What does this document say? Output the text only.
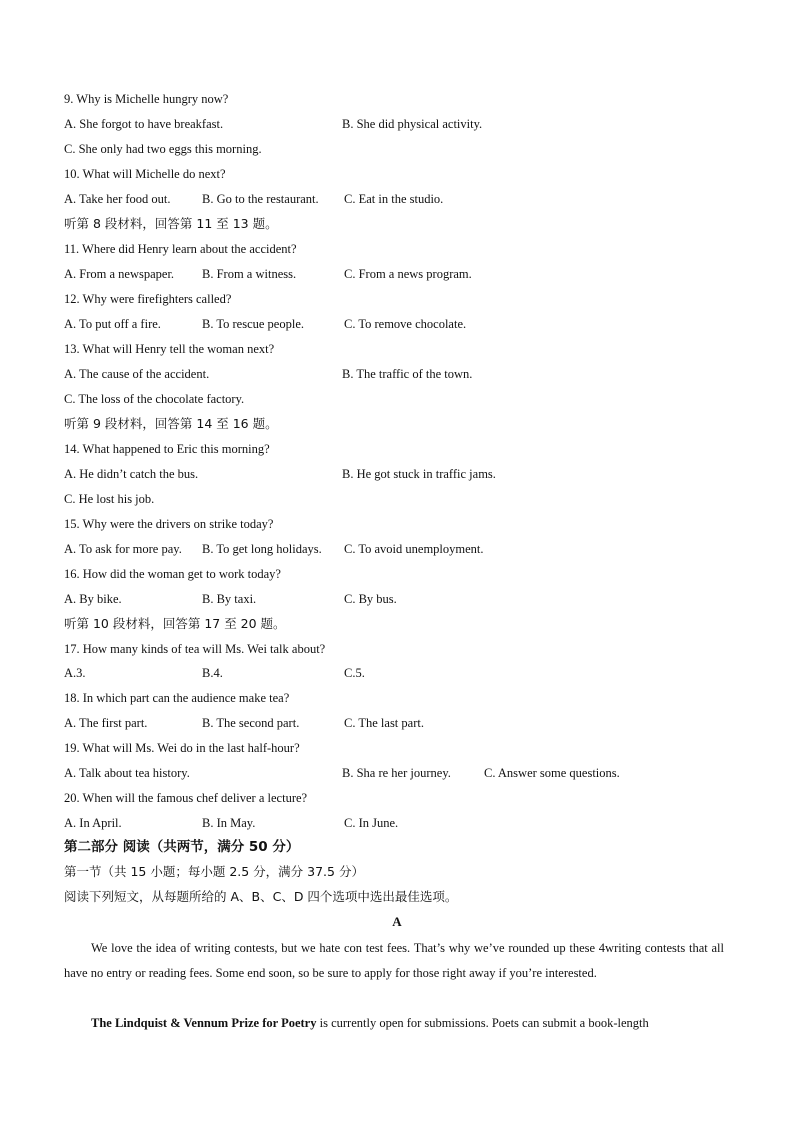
9. Why is Michelle hungry now?
A. She forgot to have breakfast.	B. She did physical activity.
C. She only had two eggs this morning.
10. What will Michelle do next?
A. Take her food out.	B. Go to the restaurant. C. Eat in the studio.
听第 8 段材料，回答第 11 至 13 题。
11. Where did Henry learn about the accident?
A. From a newspaper. B. From a witness.	C. From a news program.
12. Why were firefighters called?
A. To put off a fire.	B. To rescue people.	C. To remove chocolate.
13. What will Henry tell the woman next?
A. The cause of the accident.	B. The traffic of the town.
C. The loss of the chocolate factory.
听第 9 段材料，回答第 14 至 16 题。
14. What happened to Eric this morning?
A. He didn’t catch the bus.	B. He got stuck in traffic jams.
C. He lost his job.
15. Why were the drivers on strike today?
A. To ask for more pay. B. To get long holidays. C. To avoid unemployment.
16. How did the woman get to work today?
A. By bike.	B. By taxi.	C. By bus.
听第 10 段材料，回答第 17 至 20 题。
17. How many kinds of tea will Ms. Wei talk about?
A.3.	B.4.	C.5.
18. In which part can the audience make tea?
A. The first part.	B. The second part.	C. The last part.
19. What will Ms. Wei do in the last half-hour?
A. Talk about tea history.	B. Sha re her journey.	C. Answer some questions.
20. When will the famous chef deliver a lecture?
A. In April.	B. In May.	C. In June.
第二部分 阅读（共两节，满分 50 分）
第一节（共 15 小题；每小题 2.5 分，满分 37.5 分）
阅读下列短文，从每题所给的 A、B、C、D 四个选项中选出最佳选项。
A
We love the idea of writing contests, but we hate con test fees. That’s why we’ve rounded up these 4writing contests that all have no entry or reading fees. Some end soon, so be sure to apply for those right away if you’re interested.
The Lindquist & Vennum Prize for Poetry is currently open for submissions. Poets can submit a book-length
